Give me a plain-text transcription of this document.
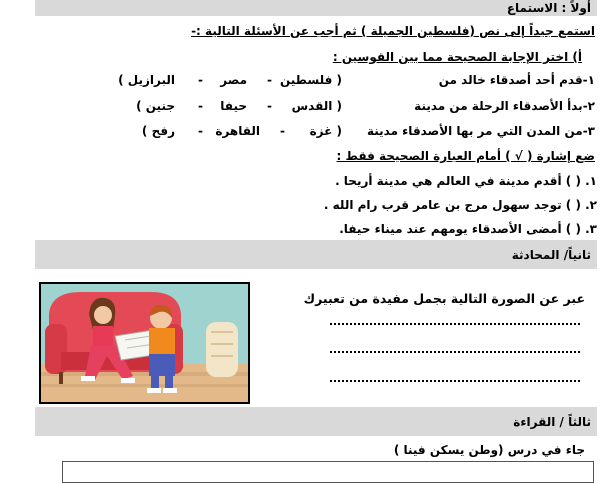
أولاً : الاستماع
استمع جيداً إلى نص (فلسطين الجميلة ) ثم أجب عن الأسئلة التالية :-
أ) اختر الإجابة الصحيحة مما بين القوسين :
١-قدم أحد أصدقاء خالد من
( فلسطين
-
مصر
-
البرازيل )
٢-بدأ الأصدقاء الرحلة من مدينة
( القدس
-
حيفا
-
جنين )
٣-من المدن التي مر بها الأصدقاء مدينة
( غزة
-
القاهرة
-
رفح )
ضع إشارة ( √ ) أمام العبارة الصحيحة فقط :
١. ( ) أقدم مدينة في العالم هي مدينة أريحا .
٢. ( ) توجد سهول مرج بن عامر قرب رام الله .
٣. ( ) أمضى الأصدقاء يومهم عند ميناء حيفا.
ثانياً/ المحادثة
عبر عن الصورة التالية بجمل مفيدة من تعبيرك
ثالثاً / القراءة
جاء في درس (وطن يسكن فينا )
